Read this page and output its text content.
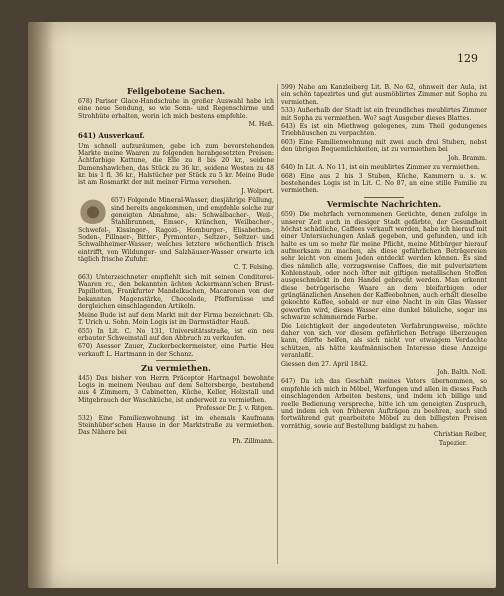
129
Feilgebotene Sachen.

678) Pariser Glace-Handschuhe in großer Auswahl habe ich eine neue Sendung, so wie Sonn- und Regenschirme und Strohhüte erhalten, worin ich mich bestens empfehle.

M. Heß.
641) Ausverkauf.

Um schnell aufzuräumen, gebe ich zum bevorstehenden Markte meine Waaren zu folgenden herabgesetzten Preisen: Ächtfarbige Kattune, die Elle zu 8 bis 20 kr., seidene Damenshawlchen, das Stück zu 36 kr., seidene Westen zu 48 kr. bis 1 fl. 36 kr., Halstücher per Stück zu 5 kr. Meine Bude ist am Rosmarkt der mit meiner Firma versehen.

J. Wolpert.

657) Folgende Mineral-Wasser, diesjährige Füllung, sind bereits angekommen, und empfehle solche zur geneigten Abnahme, als: Schwalbacher-, Weil-, Stahlbrunnen, Emser-, Kränchen, Weilbacher-, Schwefel-, Kissinger-, Ragozi-, Homburger-, Elisabethen-, Soden-, Pillnaer-, Bitter-, Pyrmonter-, Seltzer-, Seltzer- und Schwalbheimer-Wasser; welches letztere wöchentlich frisch eintrifft, von Wildunger- und Salzhäuser-Wasser erwarte ich täglich frische Zufuhr.

C. T. Felsing.

663) Unterzeichneter empfiehlt sich mit seinen Conditorei-Waaren rc., den bekannten ächten Ackermann'schen Brust-Papillotten, Frankfurter Mandelkuchen, Macaronen von der bekannten Magenstärke, Chocolade, Pfeffernüsse und dergleichen einschlagenden Artikeln.

Meine Bude ist auf dem Markt mit der Firma bezeichnet: Gb. T. Urich u. Sohn. Mein Logis ist im Darmstädter Hauß.

655) In Lit. C. No 131, Universitätsstraße, ist ein neu erbauter Schweinstall auf den Abbruch zu verkaufen.

670) Asessor Zauer, Zuckerbeckermeister, eine Partie Heu verkauft L. Hartmann in der Schanz.

Zu vermiethen.

445) Das bisher von Herrn Präceptor Hartnagel bewohnte Logis in meinem Neubau auf dem Seltersberge, bestehend aus 4 Zimmern, 3 Cabinetten, Küche, Keller, Holzstall und Mitgebrauch der Waschküche, ist anderweit zu vermiethen.

Professor Dr. J. v. Ritgen.

532) Eine Familienwohnung ist im ehemals Kaufmann Steinhüber'schen Hause in der Marktstraße zu vermiethen. Das Nähere bei

Ph. Zillmann.

599) Nahe am Kanzleiberg Lit. B. No 62, ohnweit der Aula, ist ein schön tapezirtes und gut ausmöblirtes Zimmer mit Sopha zu vermiethen.

533) Außerhalb der Stadt ist ein freundliches meublirtes Zimmer mit Sopha zu vermiethen. Wo? sagt Ausgeber dieses Blattes.

643) Es ist ein Miethweg gelegenes, zum Theil gedungenes Triebhäuschen zu verpachten.

603) Eine Familienwohnung mit zwei auch drei Stuben, nebst den übrigen Bequemlichkeiten, ist zu vermiethen bei

Joh. Bramm.

640) In Lit. A. No 11, ist ein meublirtes Zimmer zu vermiethen.

668) Eine aus 2 bis 3 Stuben, Küche, Kammern u. s. w. bestehendes Logis ist in Lit. C. No 87, an eine stille Familie zu vermiethen.

Vermischte Nachrichten.

659) Die mehrfach vernommenen Gerüchte, denen zufolge in unserer Zeit auch in diesiger Stadt gefärbte, der Gesundheit höchst schädliche, Caffees verkauft werden, habe ich hierauf mit einer Untersuchungen Anlaß gegeben, und gefunden, und ich halte es um so mehr für meine Pflicht, meine Mitbürger hierauf aufmerksam zu machen, als diese gefährlichen Beträgereien sehr leicht von einem Jeden entdeckt werden können. Es sind dies nämlich alle, vorzugsweise Caffees, die mit pulverisirtem Kohlenstaub, oder noch öfter mit giftigen metallischen Stoffen ausgeschmückt in den Handel gebracht werden. Man erkennt diese betrügerische Waare an dem bleifarbigen oder grünglänzlichen Ansehen der Kaffeebohnen, auch erhält dieselbe gekochte Kaffee, sobald er nur eine Nacht in ein Glas Wasser geworfen wird, dieses Wasser eine dunkel bläuliche, sogar ins schwarze schimmernde Farbe.

Die Leichtigkeit der angedeuteten Verfahrungsweise, möchte daher von sich vor diesem gefährlichen Betruge überzeugen kann, dürfte helfen, als sich nicht vor etwaigem Verdachte schützen, als hätte kaufmännischen Interesse diese Anzeige veranlaßt.

Giessen den 27. April 1842.
Joh. Balth. Noll.

647) Da ich das Geschäft meines Vaters übernommen, so empfehle ich mich in Möbel, Werfungen und allen in dieses Fach einschlagenden Arbeiten bestens, und indem ich billige und reelle Bedienung verspreche, bitte ich um geneigten Zuspruch, und indem ich von früheren Aufträgen zu beehren, auch sind fortwährend gut gearbeitete Möbel zu den billigsten Preisen vorräthig, sowie auf Bestellung baldigst zu haben.

Christian Reiber,
Tapezier.
